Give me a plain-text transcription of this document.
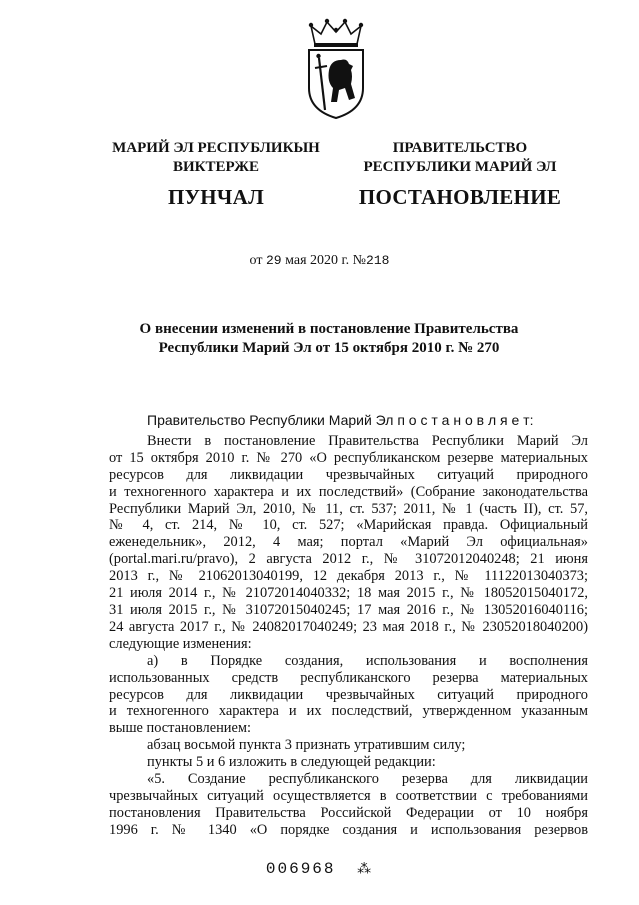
МАРИЙ ЭЛ РЕСПУБЛИКЫН
ВИКТЕРЖЕ
ПУНЧАЛ
ПРАВИТЕЛЬСТВО
РЕСПУБЛИКИ МАРИЙ ЭЛ
ПОСТАНОВЛЕНИЕ
от 29 мая 2020 г. №218
О внесении изменений в постановление Правительства
Республики Марий Эл от 15 октября 2010 г. № 270

Правительство Республики Марий Эл п о с т а н о в л я е т:

Внести в постановление Правительства Республики Марий Эл

от 15 октября 2010 г. № 270 «О республиканском резерве материальных

ресурсов для ликвидации чрезвычайных ситуаций природного

и техногенного характера и их последствий» (Собрание законодательства

Республики Марий Эл, 2010, № 11, ст. 537; 2011, № 1 (часть II), ст. 57,

№ 4, ст. 214, № 10, ст. 527; «Марийская правда. Официальный

еженедельник», 2012, 4 мая; портал «Марий Эл официальная»

(portal.mari.ru/pravo), 2 августа 2012 г., № 31072012040248; 21 июня

2013 г., № 21062013040199, 12 декабря 2013 г., № 11122013040373;

21 июля 2014 г., № 21072014040332; 18 мая 2015 г., № 18052015040172,

31 июля 2015 г., № 31072015040245; 17 мая 2016 г., № 13052016040116;

24 августа 2017 г., № 24082017040249; 23 мая 2018 г., № 23052018040200)

следующие изменения:

а) в Порядке создания, использования и восполнения

использованных средств республиканского резерва материальных

ресурсов для ликвидации чрезвычайных ситуаций природного

и техногенного характера и их последствий, утвержденном указанным

выше постановлением:

абзац восьмой пункта 3 признать утратившим силу;

пункты 5 и 6 изложить в следующей редакции:

«5. Создание республиканского резерва для ликвидации

чрезвычайных ситуаций осуществляется в соответствии с требованиями

постановления Правительства Российской Федерации от 10 ноября

1996 г. № 1340 «О порядке создания и использования резервов

006968 ⁂
